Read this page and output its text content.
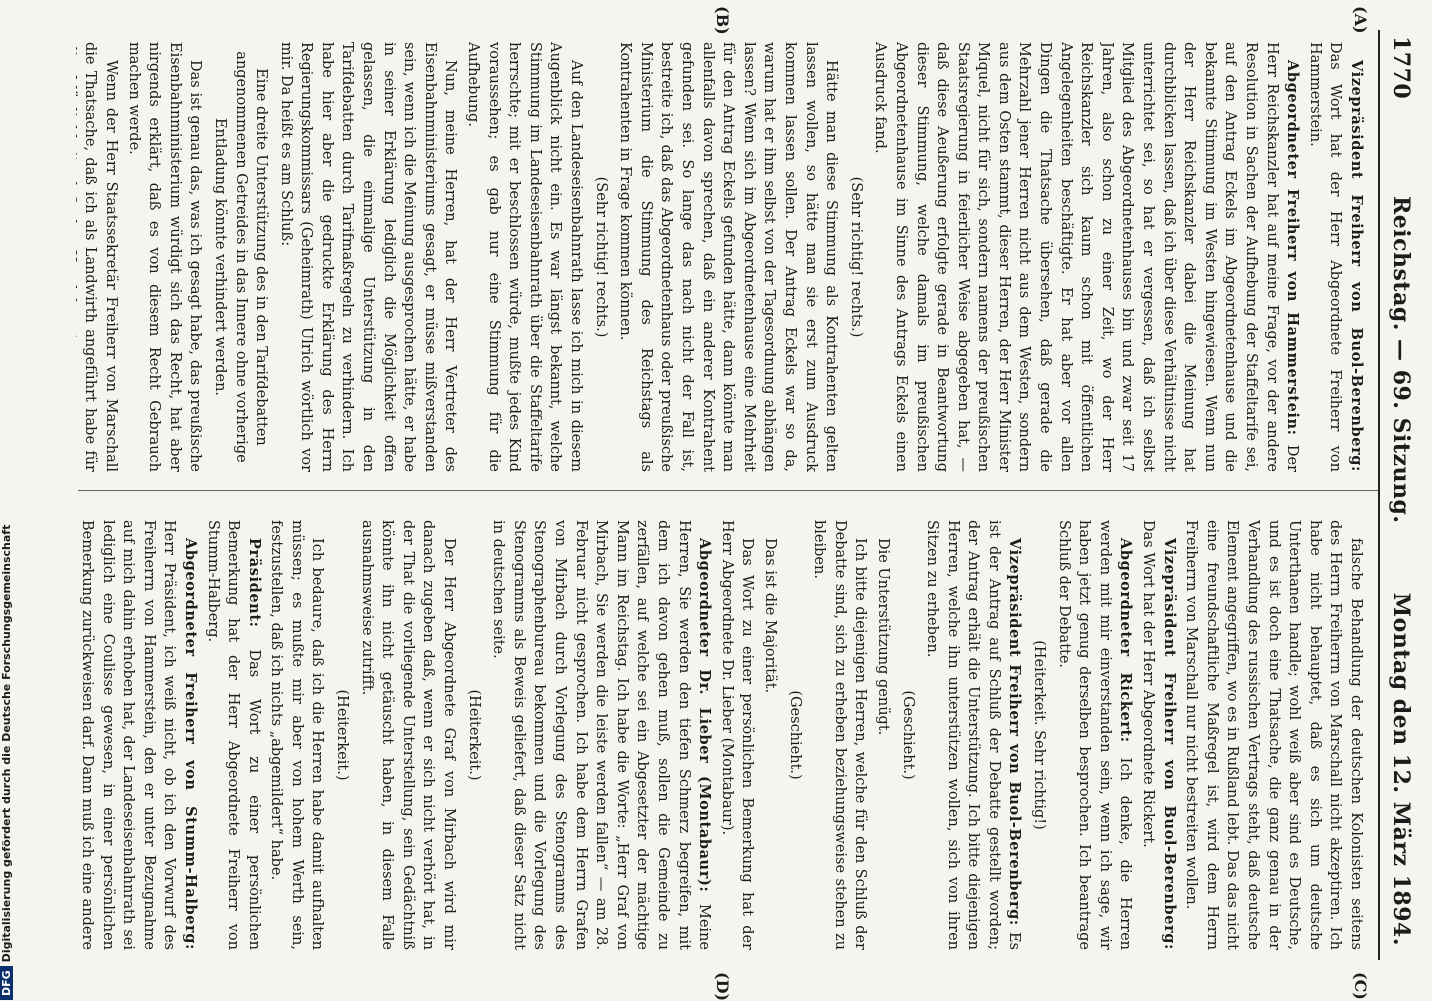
1770
Reichstag. — 69. Sitzung.
Montag den 12. März 1894.
(A)
(B)
(C)
(D)

Vizepräsident Freiherr von Buol-Berenberg: Das Wort hat der Herr Abgeordnete Freiherr von Hammerstein.

Abgeordneter Freiherr von Hammerstein: Der Herr Reichskanzler hat auf meine Frage, vor der andere Resolution in Sachen der Aufhebung der Staffeltarife sei, auf den Antrag Eckels im Abgeordnetenhause und die bekannte Stimmung im Westen hingewiesen. Wenn nun der Herr Reichskanzler dabei die Meinung hat durchblicken lassen, daß ich über diese Verhältnisse nicht unterrichtet sei, so hat er vergessen, daß ich selbst Mitglied des Abgeordnetenhauses bin und zwar seit 17 Jahren, also schon zu einer Zeit, wo der Herr Reichskanzler sich kaum schon mit öffentlichen Angelegenheiten beschäftigte. Er hat aber vor allen Dingen die Thatsache übersehen, daß gerade die Mehrzahl jener Herren nicht aus dem Westen, sondern aus dem Osten stammt, dieser Herren, der Herr Minister Miquel, nicht für sich, sondern namens der preußischen Staatsregierung in feierlicher Weise abgegeben hat, — daß diese Aeußerung erfolgte gerade in Beantwortung dieser Stimmung, welche damals im preußischen Abgeordnetenhause im Sinne des Antrags Eckels einen Ausdruck fand.

(Sehr richtig! rechts.)

Hätte man diese Stimmung als Kontrahenten gelten lassen wollen, so hätte man sie erst zum Ausdruck kommen lassen sollen. Der Antrag Eckels war so da, warum hat er ihm selbst von der Tagesordnung abhängen lassen? Wenn sich im Abgeordnetenhause eine Mehrheit für den Antrag Eckels gefunden hätte, dann könnte man allenfalls davon sprechen, daß ein anderer Kontrahent gefunden sei. So lange das nach nicht der Fall ist, bestreite ich, daß das Abgeordnetenhaus oder preußische Ministerium die Stimmung des Reichstags als Kontrahenten in Frage kommen können.

(Sehr richtig! rechts.)

Auf den Landeseisenbahnrath lasse ich mich in diesem Augenblick nicht ein. Es war längst bekannt, welche Stimmung im Landeseisenbahnrath über die Staffeltarife herrschte; mit er beschlossen würde, mußte jedes Kind voraussehen; es gab nur eine Stimmung für die Aufhebung.

Nun, meine Herren, hat der Herr Vertreter des Eisenbahnministeriums gesagt, er müsse mißverstanden sein, wenn ich die Meinung ausgesprochen hätte, er habe in seiner Erklärung lediglich die Möglichkeit offen gelassen, die einmalige Unterstützung in den Tarifdebatten durch Tarifmaßregeln zu verhindern. Ich habe hier aber die gedruckte Erklärung des Herrn Regierungskommissars (Geheimrath) Ulrich wörtlich vor mir. Da heißt es am Schluß:

Eine dreite Unterstützung des in den Tarifdebatten angenommenen Getreides in das Innere ohne vorherige Entladung könnte verhindert werden.

Das ist genau das, was ich gesagt habe, das preußische Eisenbahnministerium würdigt sich das Recht, hat aber nirgends erklärt, daß es von diesem Recht Gebrauch machen werde.

Wenn der Herr Staatssekretär Freiherr von Marschall die Thatsache, daß ich als Landwirth angeführt habe für

falsche Behandlung der deutschen Kolonisten seitens des Herrn Freiherrn von Marschall nicht akzeptiren. Ich habe nicht behauptet, daß es sich um deutsche Unterthanen handle; wohl weiß aber sind es Deutsche, und es ist doch eine Thatsache, die ganz genau in der Verhandlung des russischen Vertrags steht, daß deutsche Element angegriffen, wo es in Rußland lebt. Das das nicht eine freundschaftliche Maßregel ist, wird dem Herrn Freiherrn von Marschall nur nicht bestreiten wollen.

Vizepräsident Freiherr von Buol-Berenberg: Das Wort hat der Herr Abgeordnete Rickert.

Abgeordneter Rickert: Ich denke, die Herren werden mit mir einverstanden sein, wenn ich sage, wir haben jetzt genug derselben besprochen. Ich beantrage Schluß der Debatte.

(Heiterkeit. Sehr richtig!)

Vizepräsident Freiherr von Buol-Berenberg: Es ist der Antrag auf Schluß der Debatte gestellt worden; der Antrag erhält die Unterstützung. Ich bitte diejenigen Herren, welche ihn unterstützen wollen, sich von ihren Sitzen zu erheben.

(Geschieht.)

Die Unterstützung genügt.

Ich bitte diejenigen Herren, welche für den Schluß der Debatte sind, sich zu erheben beziehungsweise stehen zu bleiben.

(Geschieht.)

Das ist die Majorität.

Das Wort zu einer persönlichen Bemerkung hat der Herr Abgeordnete Dr. Lieber (Montabaur).

Abgeordneter Dr. Lieber (Montabaur): Meine Herren, Sie werden den tiefen Schmerz begreifen, mit dem ich davon gehen muß, sollen die Gemeinde zu zerfällen, auf welche sei ein Abgesetzter der mächtige Mann im Reichstag. Ich habe die Worte: „Herr Graf von Mirbach, Sie werden die leiste werden fallen“ — am 28. Februar nicht gesprochen. Ich habe dem Herrn Grafen von Mirbach durch Vorlegung des Stenogramms des Stenographenbureau bekommen und die Vorlegung des Stenogramms als Beweis geliefert, daß dieser Satz nicht in deutschen seite.

(Heiterkeit.)

Der Herr Abgeordnete Graf von Mirbach wird mir danach zugeben daß, wenn er sich nicht verhört hat, in der That die vorliegende Unterstellung, sein Gedächtniß könnte ihn nicht getäuscht haben, in diesem Falle ausnahmsweise zutrifft.

(Heiterkeit.)

Ich bedaure, daß ich die Herren habe damit aufhalten müssen; es mußte mir aber von hohem Werth sein, festzustellen, daß ich nichts „abgemildert“ habe.

Präsident: Das Wort zu einer persönlichen Bemerkung hat der Herr Abgeordnete Freiherr von Stumm-Halberg.

Abgeordneter Freiherr von Stumm-Halberg: Herr Präsident, ich weiß nicht, ob ich den Vorwurf des Freiherrn von Hammerstein, den er unter Bezugnahme auf mich dahin erhoben hat, der Landeseisenbahnrath sei lediglich eine Coulisse gewesen, in einer persönlichen Bemerkung zurückweisen darf. Dann muß ich eine andere

DFGDigitalisierung gefördert durch die Deutsche Forschungsgemeinschaft
